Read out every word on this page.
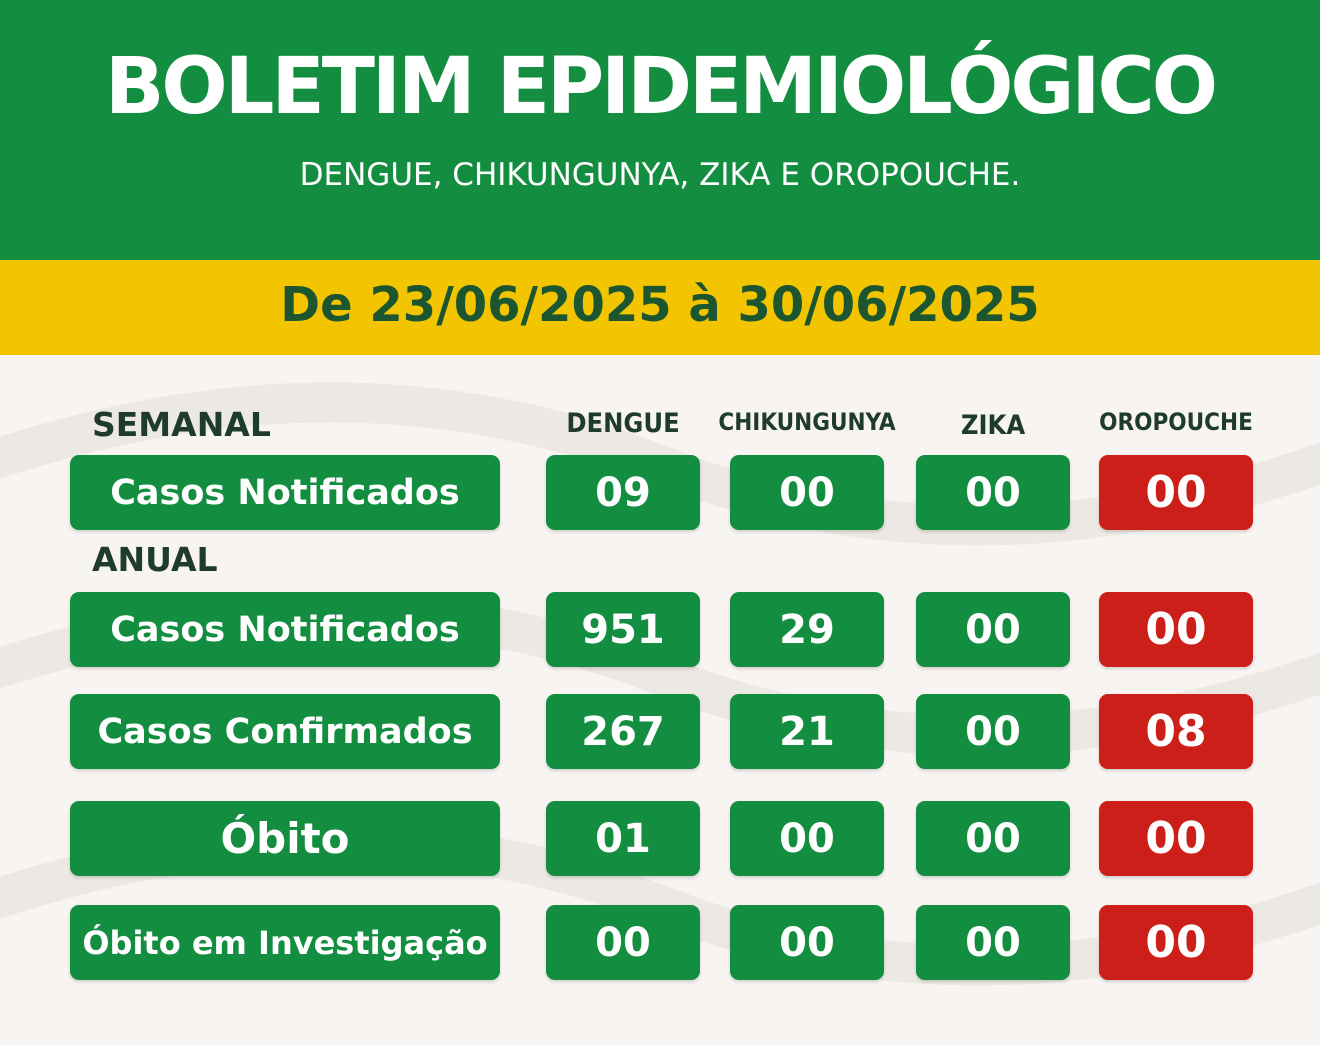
BOLETIM EPIDEMIOLÓGICO
DENGUE, CHIKUNGUNYA, ZIKA E OROPOUCHE.
De 23/06/2025 à 30/06/2025
SEMANAL
ANUAL
DENGUE	CHIKUNGUNYA	ZIKA	OROPOUCHE
Casos Notificados	09	00	00	00
Casos Notificados	951	29	00	00
Casos Confirmados	267	21	00	08
Óbito	01	00	00	00
Óbito em Investigação	00	00	00	00
